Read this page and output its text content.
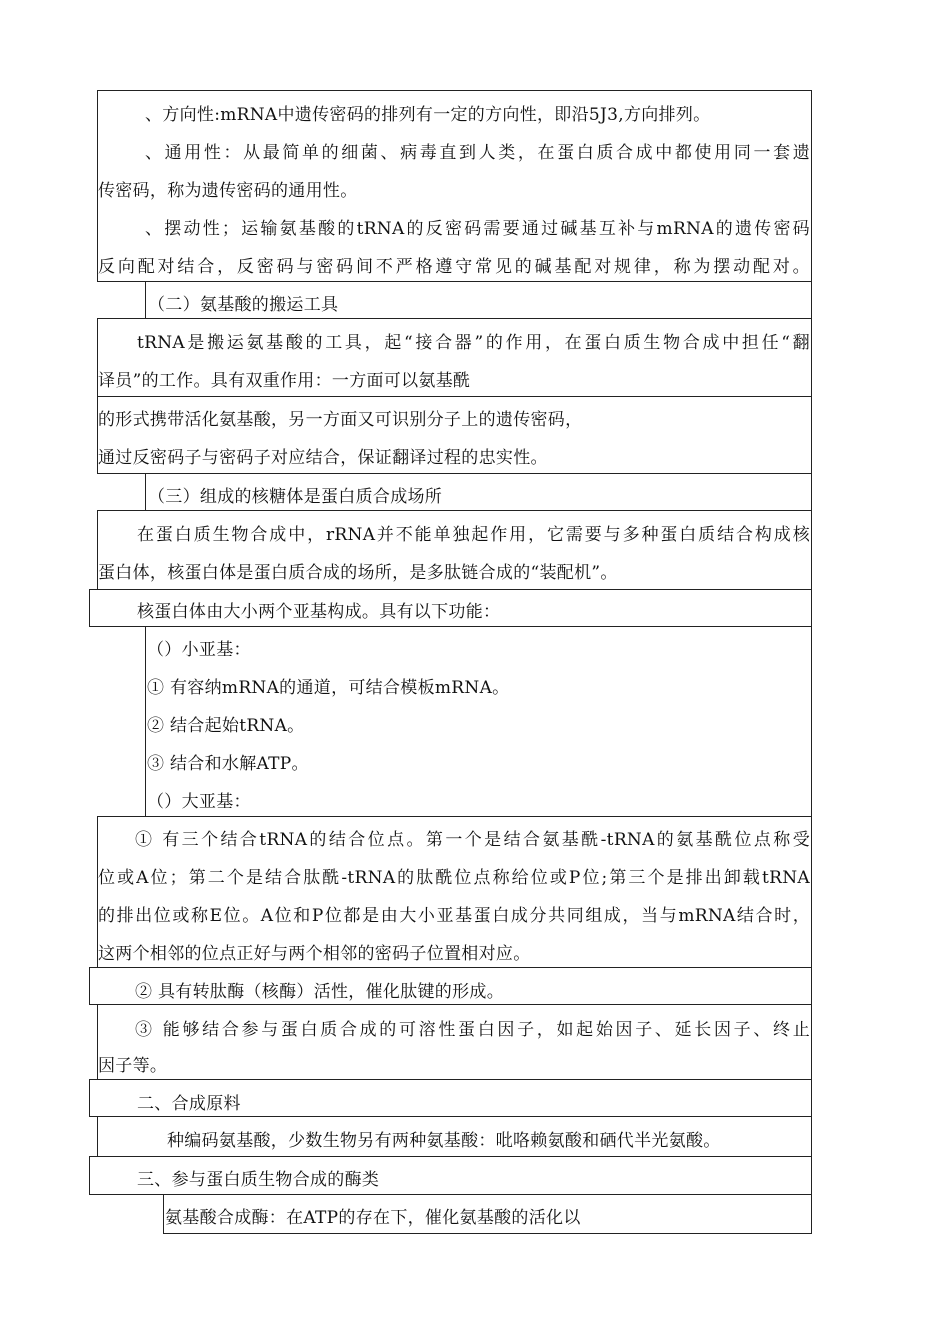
、方向性:mRNA中遗传密码的排列有一定的方向性，即沿5J3,方向排列。
、通用性：从最简单的细菌、病毒直到人类，在蛋白质合成中都使用同一套遗
传密码，称为遗传密码的通用性。
、摆动性；运输氨基酸的tRNA的反密码需要通过碱基互补与mRNA的遗传密码
反向配对结合，反密码与密码间不严格遵守常见的碱基配对规律，称为摆动配对。
（二）氨基酸的搬运工具
tRNA是搬运氨基酸的工具，起“接合器”的作用，在蛋白质生物合成中担任“翻
译员”的工作。具有双重作用：一方面可以氨基酰
的形式携带活化氨基酸，另一方面又可识别分子上的遗传密码，
通过反密码子与密码子对应结合，保证翻译过程的忠实性。
（三）组成的核糖体是蛋白质合成场所
在蛋白质生物合成中，rRNA并不能单独起作用，它需要与多种蛋白质结合构成核
蛋白体，核蛋白体是蛋白质合成的场所，是多肽链合成的“装配机”。
核蛋白体由大小两个亚基构成。具有以下功能：
（）小亚基：
① 有容纳mRNA的通道，可结合模板mRNA。
② 结合起始tRNA。
③ 结合和水解ATP。
（）大亚基：
① 有三个结合tRNA的结合位点。第一个是结合氨基酰-tRNA的氨基酰位点称受
位或A位；第二个是结合肽酰-tRNA的肽酰位点称给位或P位;第三个是排出卸载tRNA
的排出位或称E位。A位和P位都是由大小亚基蛋白成分共同组成，当与mRNA结合时，
这两个相邻的位点正好与两个相邻的密码子位置相对应。
② 具有转肽酶（核酶）活性，催化肽键的形成。
③ 能够结合参与蛋白质合成的可溶性蛋白因子，如起始因子、延长因子、终止
因子等。
二、合成原料
种编码氨基酸，少数生物另有两种氨基酸：吡咯赖氨酸和硒代半光氨酸。
三、参与蛋白质生物合成的酶类
氨基酸合成酶：在ATP的存在下，催化氨基酸的活化以
